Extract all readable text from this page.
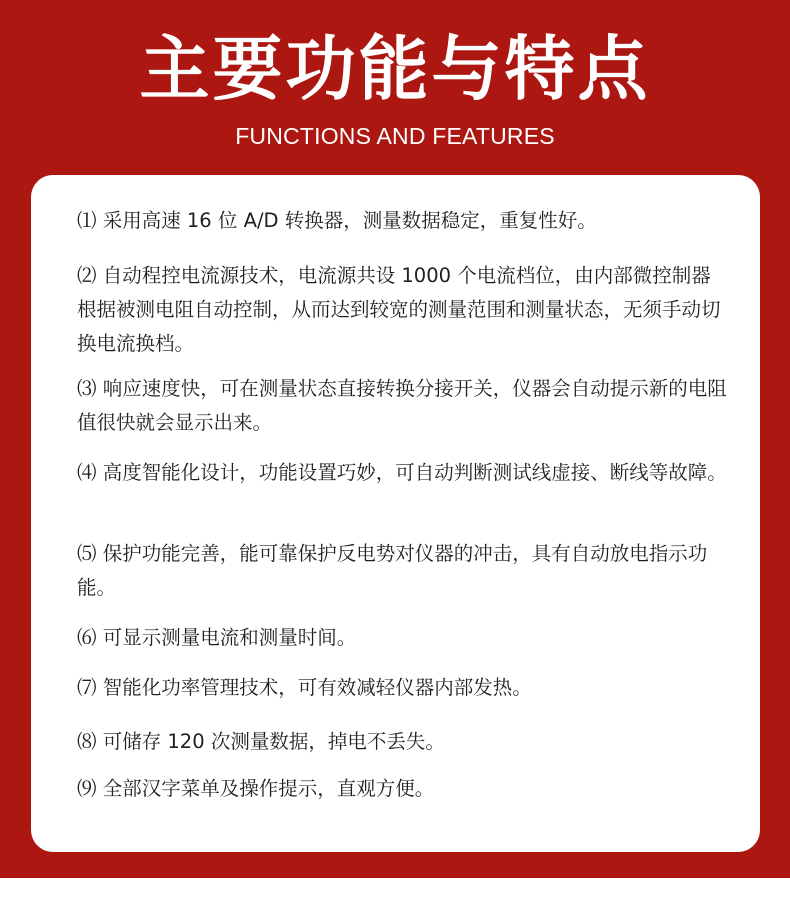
主要功能与特点
FUNCTIONS AND FEATURES

⑴ 采用高速 16 位 A/D 转换器，测量数据稳定，重复性好。

⑵ 自动程控电流源技术，电流源共设 1000 个电流档位，由内部微控制器根据被测电阻自动控制，从而达到较宽的测量范围和测量状态，无须手动切换电流换档。

⑶ 响应速度快，可在测量状态直接转换分接开关，仪器会自动提示新的电阻值很快就会显示出来。

⑷ 高度智能化设计，功能设置巧妙，可自动判断测试线虚接、断线等故障。

⑸ 保护功能完善，能可靠保护反电势对仪器的冲击，具有自动放电指示功能。

⑹ 可显示测量电流和测量时间。

⑺ 智能化功率管理技术，可有效减轻仪器内部发热。

⑻ 可储存 120 次测量数据，掉电不丢失。

⑼ 全部汉字菜单及操作提示，直观方便。
